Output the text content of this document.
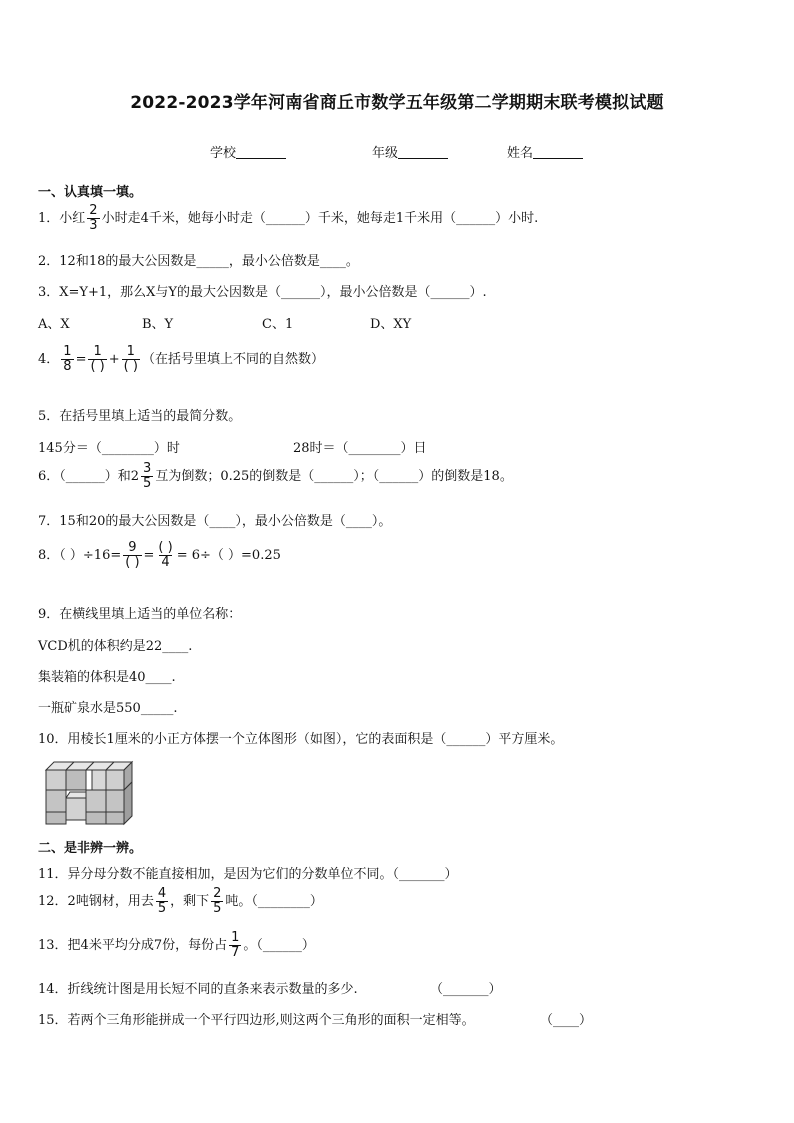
2022-2023学年河南省商丘市数学五年级第二学期期末联考模拟试题
学校	年级	姓名
一、认真填一填。
1．小红 $\frac{2}{3}$ 小时走4千米，她每小时走（______）千米，她每走1千米用（______）小时.
2．12和18的最大公因数是_____，最小公倍数是____。
3．X=Y+1，那么X与Y的最大公因数是（______），最小公倍数是（______）.
A、X	B、Y	C、1	D、XY
4． $\frac{1}{8} = \frac{1}{( )} + \frac{1}{( )}$ （在括号里填上不同的自然数）
5．在括号里填上适当的最简分数。
145分＝（________）时	28时＝（________）日
6．（______）和$2 \frac{3}{5}$ 互为倒数；0.25的倒数是（______）；（______）的倒数是18。
7．15和20的最大公因数是（____），最小公倍数是（____）。
8．（ ）$\div 16= \frac{9}{( )} = \frac{( )}{4} = 6\div$（ ）=0.25
9．在横线里填上适当的单位名称：
VCD机的体积约是22____.
集装箱的体积是40____.
一瓶矿泉水是550_____.
10．用棱长1厘米的小正方体摆一个立体图形（如图），它的表面积是（______）平方厘米。
二、是非辨一辨。
11．异分母分数不能直接相加，是因为它们的分数单位不同。（_______）
12．2吨钢材，用去 $\frac{4}{5}$ ，剩下 $\frac{2}{5}$ 吨。（________）
13．把4米平均分成7份，每份占 $\frac{1}{7}$ 。（______）
14．折线统计图是用长短不同的直条来表示数量的多少.	（_______）
15．若两个三角形能拼成一个平行四边形,则这两个三角形的面积一定相等。	（____）
